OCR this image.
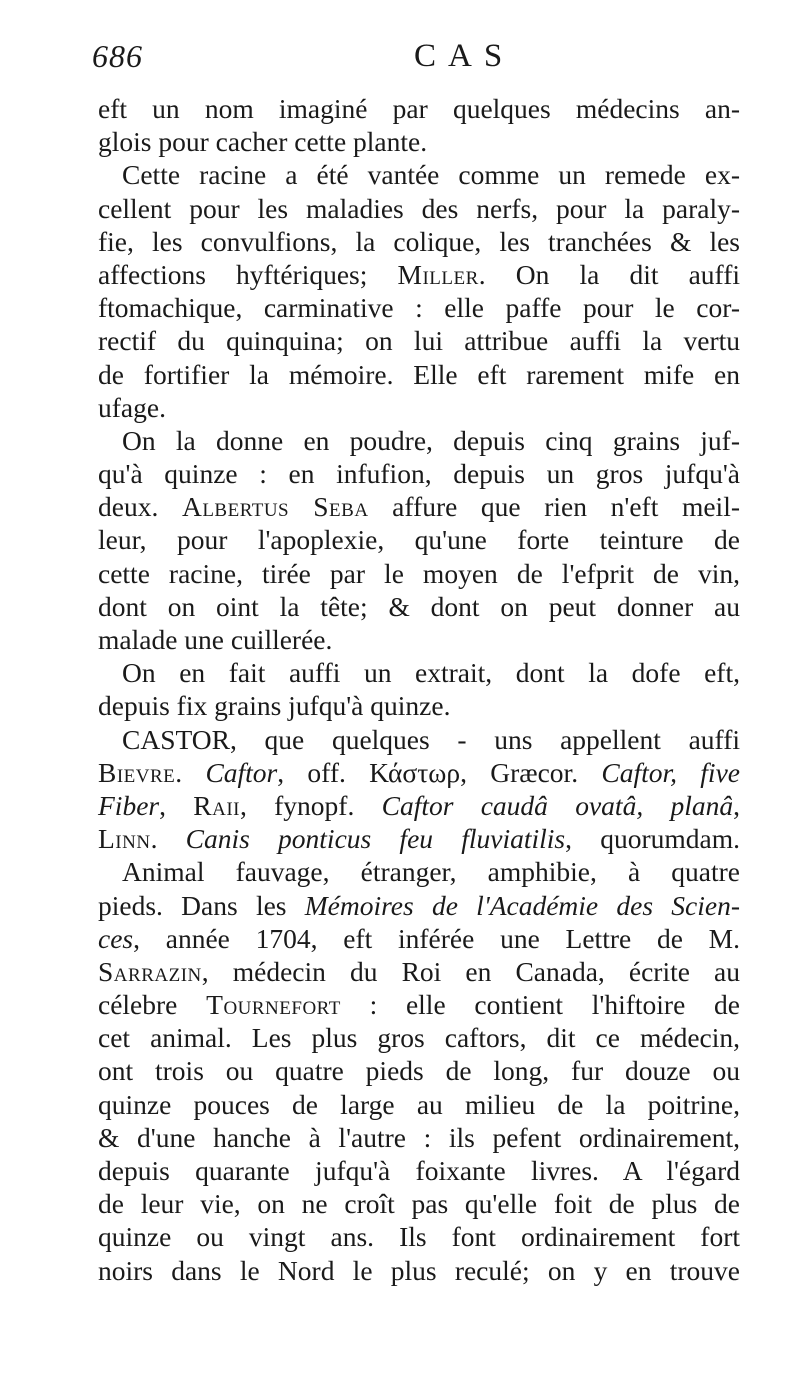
686	CAS
eft un nom imaginé par quelques médecins an-
glois pour cacher cette plante.
Cette racine a été vantée comme un remede ex-
cellent pour les maladies des nerfs, pour la paraly-
fie, les convulfions, la colique, les tranchées & les
affections hyftériques; Miller. On la dit auffi
ftomachique, carminative : elle paffe pour le cor-
rectif du quinquina; on lui attribue auffi la vertu
de fortifier la mémoire. Elle eft rarement mife en
ufage.
On la donne en poudre, depuis cinq grains juf-
qu'à quinze : en infufion, depuis un gros jufqu'à
deux. Albertus Seba affure que rien n'eft meil-
leur, pour l'apoplexie, qu'une forte teinture de
cette racine, tirée par le moyen de l'efprit de vin,
dont on oint la tête; & dont on peut donner au
malade une cuillerée.
On en fait auffi un extrait, dont la dofe eft,
depuis fix grains jufqu'à quinze.
CASTOR, que quelques - uns appellent auffi
Bievre. Caftor, off. Κάστωρ, Græcor. Caftor, five
Fiber, Raii, fynopf. Caftor caudâ ovatâ, planâ,
Linn. Canis ponticus feu fluviatilis, quorumdam.
Animal fauvage, étranger, amphibie, à quatre
pieds. Dans les Mémoires de l'Académie des Scien-
ces, année 1704, eft inférée une Lettre de M.
Sarrazin, médecin du Roi en Canada, écrite au
célebre Tournefort : elle contient l'hiftoire de
cet animal. Les plus gros caftors, dit ce médecin,
ont trois ou quatre pieds de long, fur douze ou
quinze pouces de large au milieu de la poitrine,
& d'une hanche à l'autre : ils pefent ordinairement,
depuis quarante jufqu'à foixante livres. A l'égard
de leur vie, on ne croît pas qu'elle foit de plus de
quinze ou vingt ans. Ils font ordinairement fort
noirs dans le Nord le plus reculé; on y en trouve
